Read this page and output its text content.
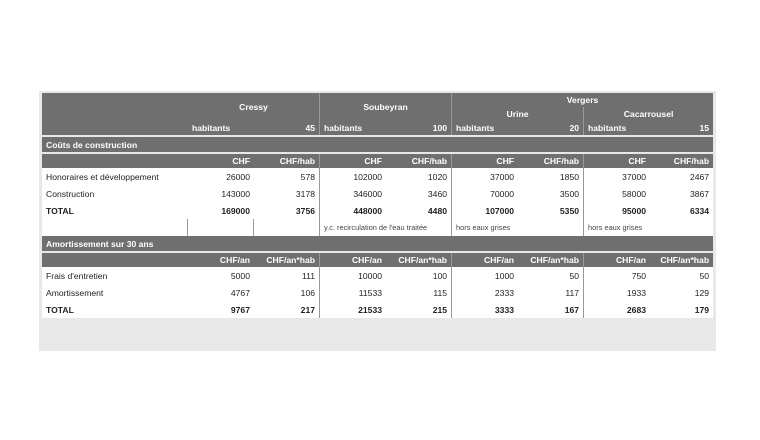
	Cressy		Soubeyran		Vergers			
					Urine		Cacarrousel	
	habitants	45	habitants	100	habitants	20	habitants	15

Coûts de construction								

	CHF	CHF/hab	CHF	CHF/hab	CHF	CHF/hab	CHF	CHF/hab
Honoraires et développement	26000	578	102000	1020	37000	1850	37000	2467
Construction	143000	3178	346000	3460	70000	3500	58000	3867
TOTAL	169000	3756	448000	4480	107000	5350	95000	6334
			y.c. recirculation de l'eau traitée		hors eaux grises		hors eaux grises	
Amortissement sur 30 ans								

	CHF/an	CHF/an*hab	CHF/an	CHF/an*hab	CHF/an	CHF/an*hab	CHF/an	CHF/an*hab
Frais d'entretien	5000	111	10000	100	1000	50	750	50
Amortissement	4767	106	11533	115	2333	117	1933	129
TOTAL	9767	217	21533	215	3333	167	2683	179
